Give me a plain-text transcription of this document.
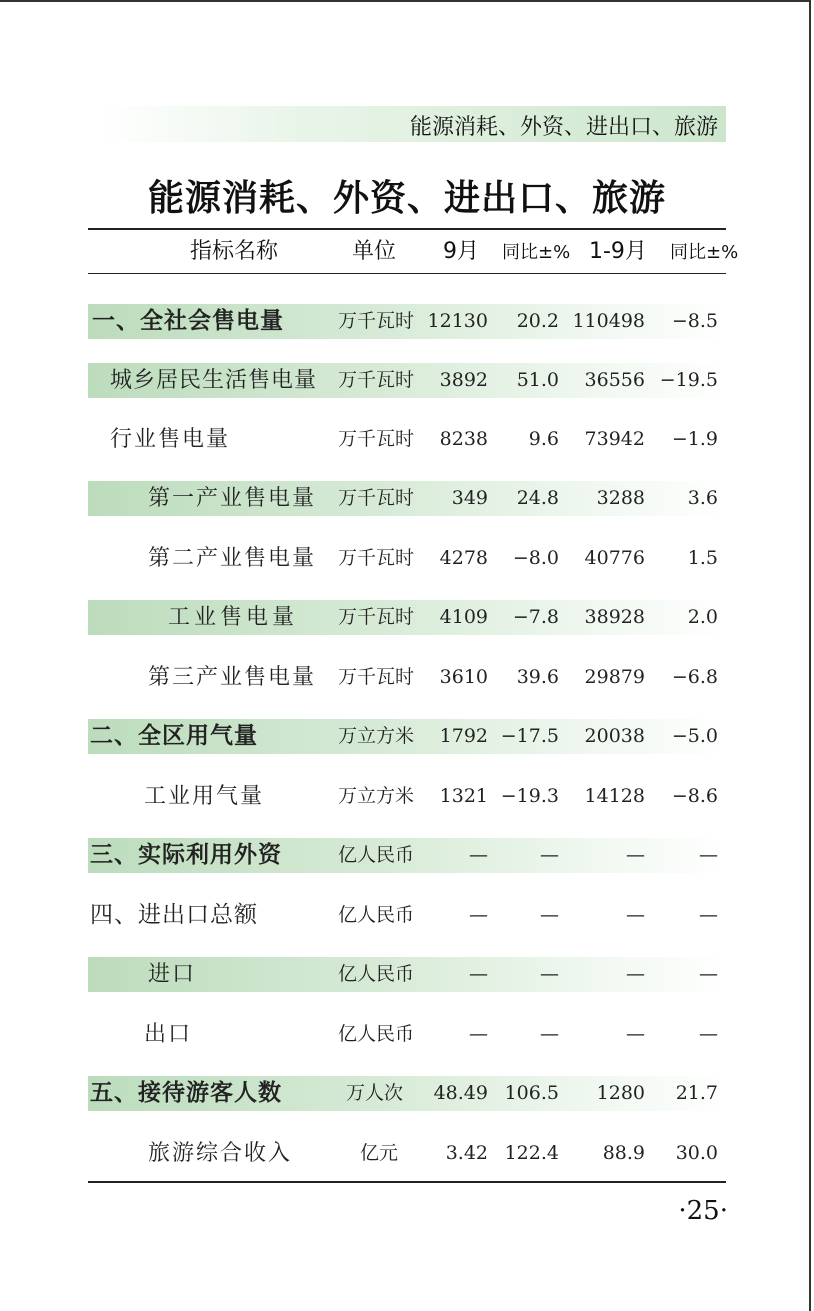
能源消耗、外资、进出口、旅游
能源消耗、外资、进出口、旅游
指标名称	单位 9月 同比±% 1-9月 同比±%
一、全社会售电量	万千瓦时 12130	20.2 110498	−8.5
城乡居民生活售电量 万千瓦时	3892	51.0	36556 −19.5
行业售电量	万千瓦时	8238	9.6	73942	−1.9
第一产业售电量 万千瓦时	349	24.8	3288	3.6
第二产业售电量 万千瓦时	4278	−8.0	40776	1.5
工业售电量 万千瓦时	4109	−7.8	38928	2.0
第三产业售电量 万千瓦时	3610	39.6	29879	−6.8
二、全区用气量	万立方米	1792 −17.5	20038	−5.0
工业用气量	万立方米	1321 −19.3	14128	−8.6
三、实际利用外资	亿人民币	—	—	—	—
四、进出口总额	亿人民币	—	—	—	—
进口	亿人民币	—	—	—	—
出口	亿人民币	—	—	—	—
五、接待游客人数	万人次	48.49 106.5	1280	21.7
旅游综合收入	亿元	3.42 122.4	88.9	30.0
·25·
